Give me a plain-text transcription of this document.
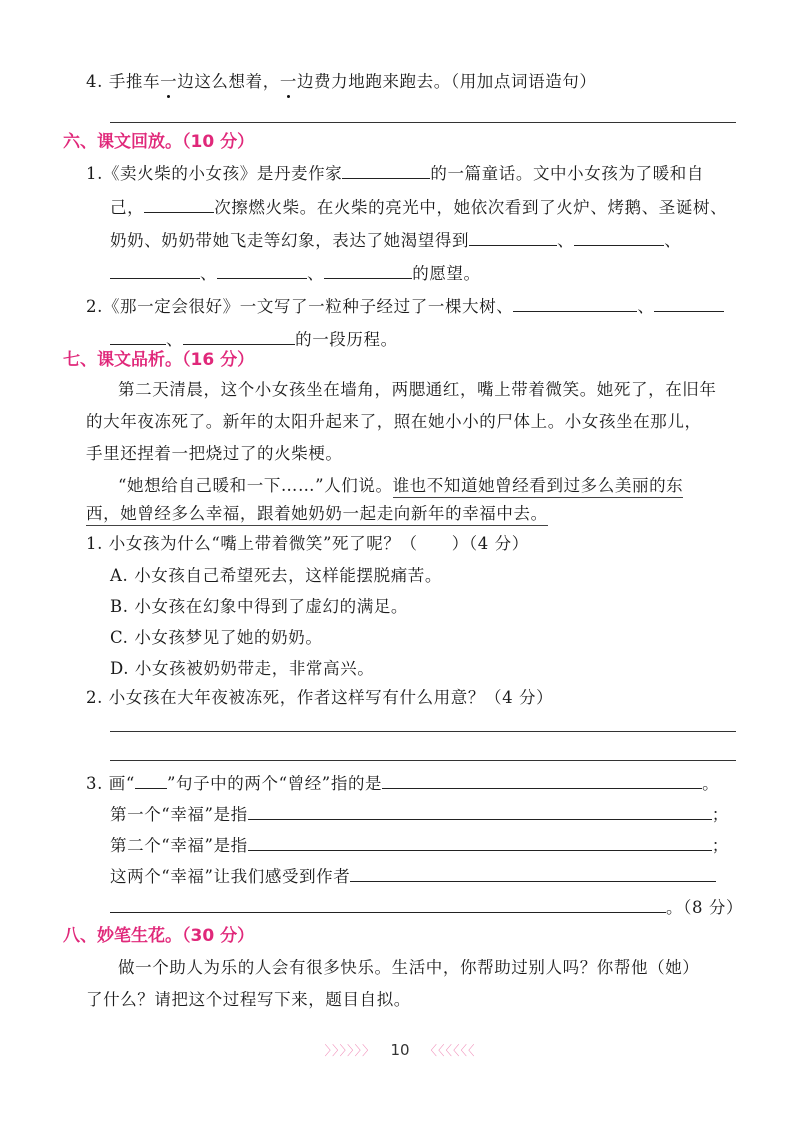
4. 手推车一边这么想着，一边费力地跑来跑去。（用加点词语造句）
六、课文回放。（10 分）
1.《卖火柴的小女孩》是丹麦作家	的一篇童话。文中小女孩为了暖和自
己，	次擦燃火柴。在火柴的亮光中，她依次看到了火炉、烤鹅、圣诞树、
奶奶、奶奶带她飞走等幻象，表达了她渴望得到	、	、
、	、	的愿望。
2.《那一定会很好》一文写了一粒种子经过了一棵大树、	、
、	的一段历程。
七、课文品析。（16 分）
第二天清晨，这个小女孩坐在墙角，两腮通红，嘴上带着微笑。她死了，在旧年
的大年夜冻死了。新年的太阳升起来了，照在她小小的尸体上。小女孩坐在那儿，
手里还捏着一把烧过了的火柴梗。
“她想给自己暖和一下……”人们说。谁也不知道她曾经看到过多么美丽的东
西，她曾经多么幸福，跟着她奶奶一起走向新年的幸福中去。
1. 小女孩为什么“嘴上带着微笑”死了呢？（　　）（4 分）
A. 小女孩自己希望死去，这样能摆脱痛苦。
B. 小女孩在幻象中得到了虚幻的满足。
C. 小女孩梦见了她的奶奶。
D. 小女孩被奶奶带走，非常高兴。
2. 小女孩在大年夜被冻死，作者这样写有什么用意？（4 分）
3. 画“ ”句子中的两个“曾经”指的是	。
第一个“幸福”是指	；
第二个“幸福”是指	；
这两个“幸福”让我们感受到作者
。（8 分）
八、妙笔生花。（30 分）
做一个助人为乐的人会有很多快乐。生活中，你帮助过别人吗？你帮他（她）
了什么？请把这个过程写下来，题目自拟。
〉〉〉〉〉〉 10 〈〈〈〈〈〈
